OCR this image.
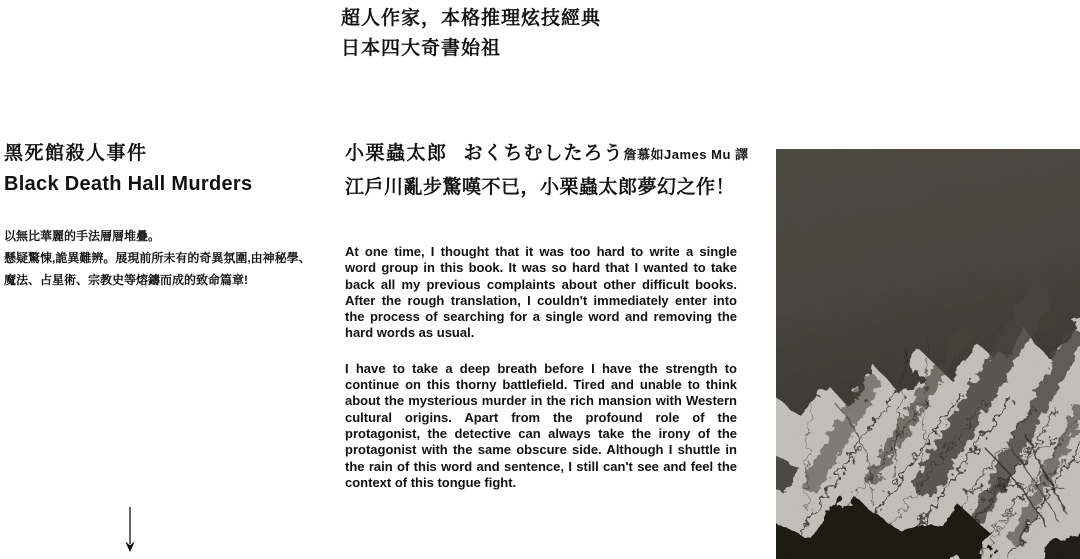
超人作家，本格推理炫技經典
日本四大奇書始祖
黑死館殺人事件
Black Death Hall Murders
以無比華麗的手法層層堆疊。
懸疑驚悚,詭異難辨。展現前所未有的奇異氛圍,由神秘學、
魔法、占星術、宗教史等熔鑄而成的致命篇章!
小栗蟲太郎 おくちむしたろう 詹慕如James Mu 譯
江戶川亂步驚嘆不已，小栗蟲太郎夢幻之作！

At one time, I thought that it was too hard to write a single word group in this book. It was so hard that I wanted to take back all my previous complaints about other difficult books. After the rough translation, I couldn't immediately enter into the process of searching for a single word and removing the hard words as usual.

I have to take a deep breath before I have the strength to continue on this thorny battlefield. Tired and unable to think about the mysterious murder in the rich mansion with Western cultural origins. Apart from the profound role of the protagonist, the detective can always take the irony of the protagonist with the same obscure side. Although I shuttle in the rain of this word and sentence, I still can't see and feel the context of this tongue fight.
